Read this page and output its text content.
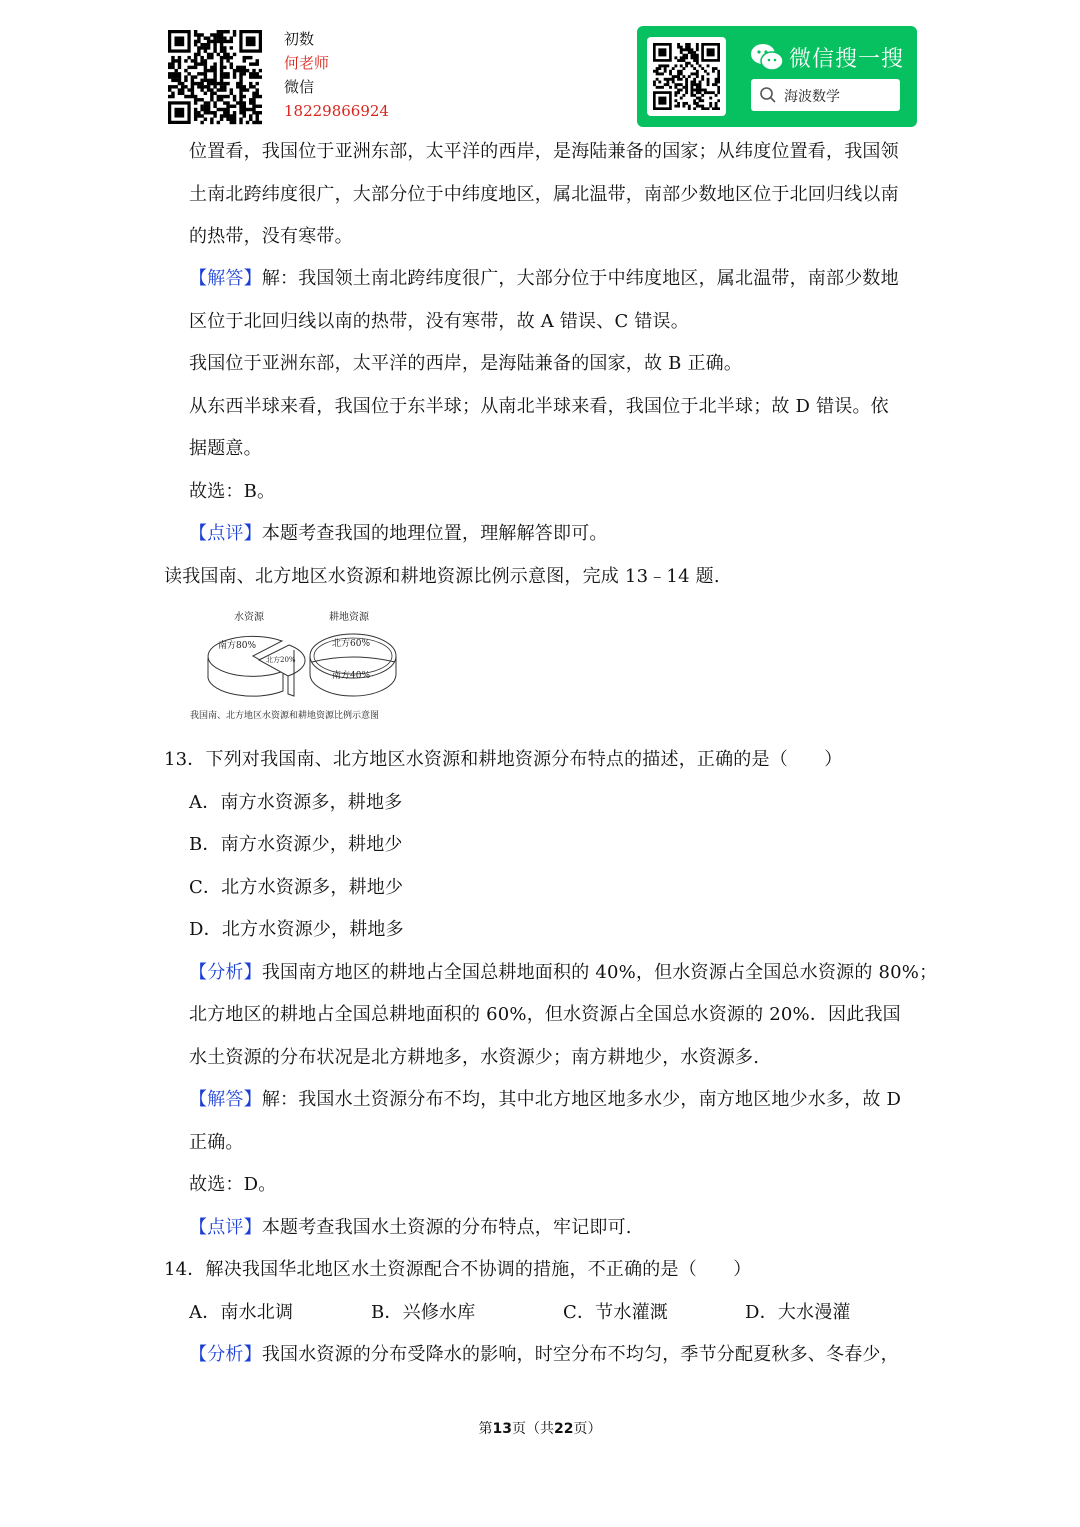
初数
何老师
微信
18229866924
微信搜一搜
海波数学
位置看，我国位于亚洲东部，太平洋的西岸，是海陆兼备的国家；从纬度位置看，我国领
土南北跨纬度很广，大部分位于中纬度地区，属北温带，南部少数地区位于北回归线以南
的热带，没有寒带。
【解答】解：我国领土南北跨纬度很广，大部分位于中纬度地区，属北温带，南部少数地
区位于北回归线以南的热带，没有寒带，故 A 错误、C 错误。
我国位于亚洲东部，太平洋的西岸，是海陆兼备的国家，故 B 正确。
从东西半球来看，我国位于东半球；从南北半球来看，我国位于北半球；故 D 错误。依
据题意。
故选：B。
【点评】本题考查我国的地理位置，理解解答即可。
读我国南、北方地区水资源和耕地资源比例示意图，完成 13﹣14 题.
水资源	耕地资源
南方80%
北方20%
北方60%
南方40%
我国南、北方地区水资源和耕地资源比例示意图
13．下列对我国南、北方地区水资源和耕地资源分布特点的描述，正确的是（　　）
A．南方水资源多，耕地多
B．南方水资源少，耕地少
C．北方水资源多，耕地少
D．北方水资源少，耕地多
【分析】我国南方地区的耕地占全国总耕地面积的 40%，但水资源占全国总水资源的 80%；
北方地区的耕地占全国总耕地面积的 60%，但水资源占全国总水资源的 20%．因此我国
水土资源的分布状况是北方耕地多，水资源少；南方耕地少，水资源多.
【解答】解：我国水土资源分布不均，其中北方地区地多水少，南方地区地少水多，故 D
正确。
故选：D。
【点评】本题考查我国水土资源的分布特点，牢记即可.
14．解决我国华北地区水土资源配合不协调的措施，不正确的是（　　）
A．南水北调	B．兴修水库	C．节水灌溉	D．大水漫灌
【分析】我国水资源的分布受降水的影响，时空分布不均匀，季节分配夏秋多、冬春少，
第13页（共22页）
